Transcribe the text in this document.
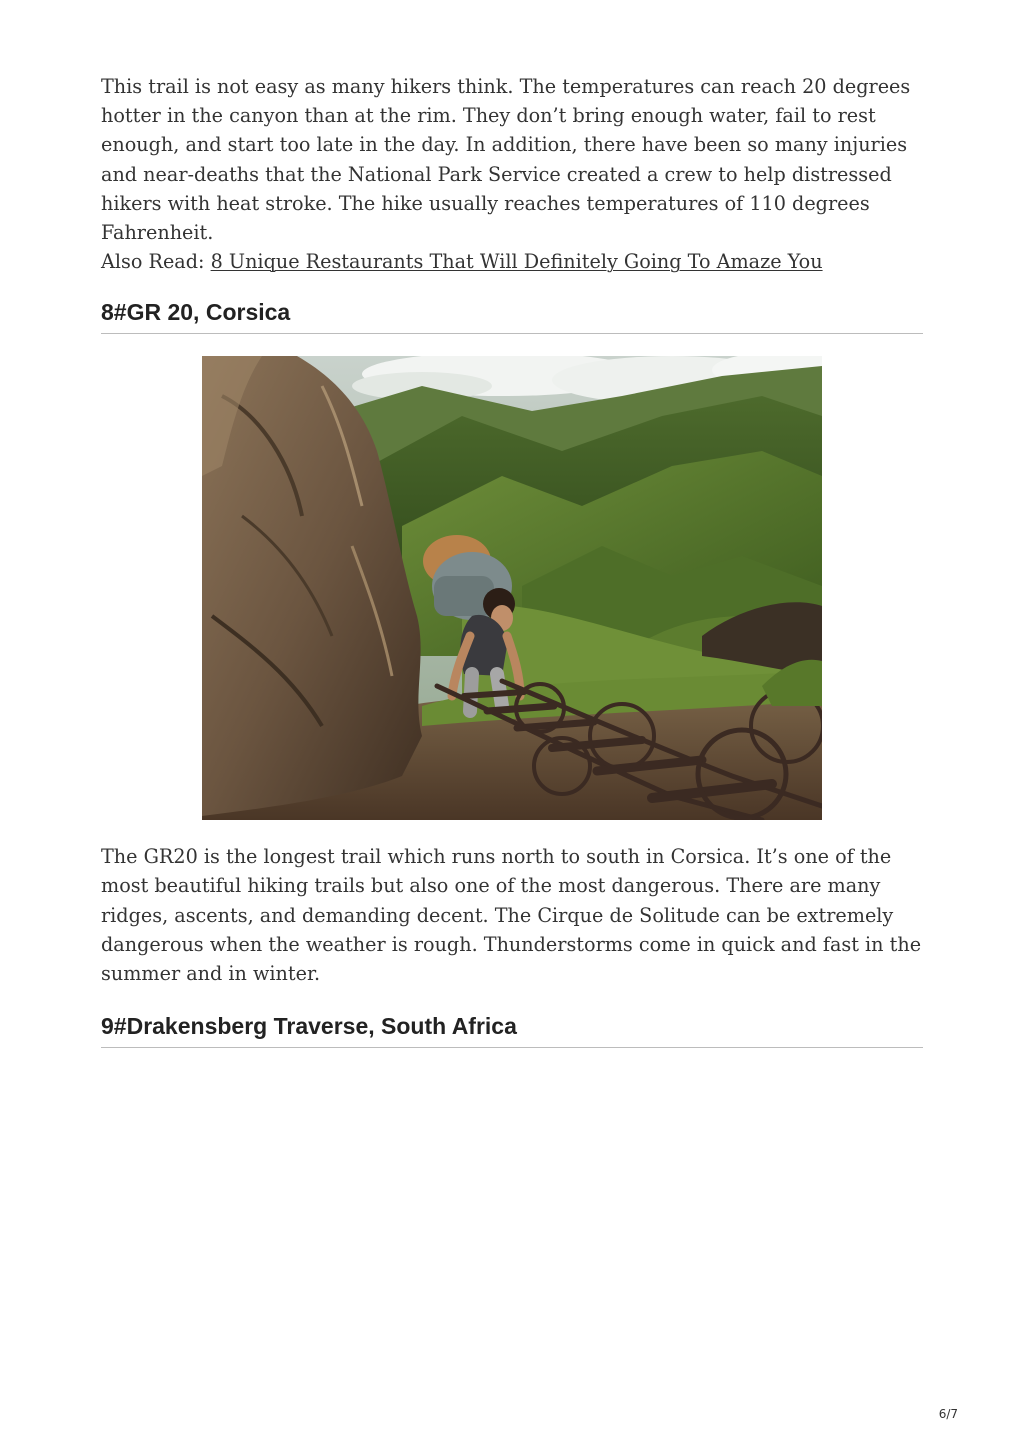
This trail is not easy as many hikers think. The temperatures can reach 20 degrees hotter in the canyon than at the rim. They don’t bring enough water, fail to rest enough, and start too late in the day. In addition, there have been so many injuries and near-deaths that the National Park Service created a crew to help distressed hikers with heat stroke. The hike usually reaches temperatures of 110 degrees Fahrenheit.

Also Read: 8 Unique Restaurants That Will Definitely Going To Amaze You

8#GR 20, Corsica

The GR20 is the longest trail which runs north to south in Corsica. It’s one of the most beautiful hiking trails but also one of the most dangerous. There are many ridges, ascents, and demanding decent. The Cirque de Solitude can be extremely dangerous when the weather is rough. Thunderstorms come in quick and fast in the summer and in winter.

9#Drakensberg Traverse, South Africa
6/7
